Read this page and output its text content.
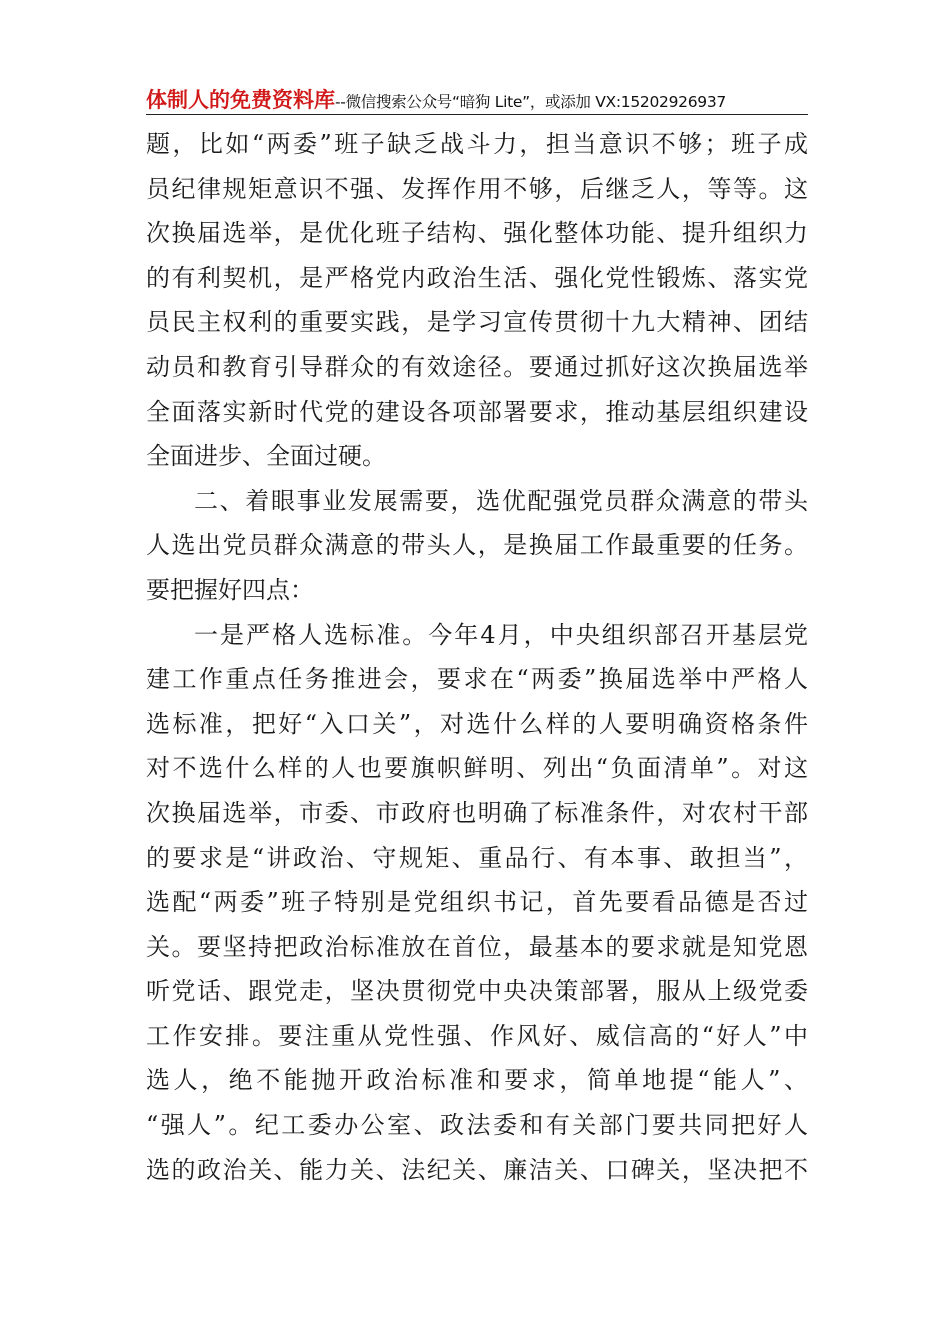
体制人的免费资料库--微信搜索公众号“暗狗 Lite”，或添加 VX:15202926937
题，比如“两委”班子缺乏战斗力，担当意识不够；班子成
员纪律规矩意识不强、发挥作用不够，后继乏人，等等。这
次换届选举，是优化班子结构、强化整体功能、提升组织力
的有利契机，是严格党内政治生活、强化党性锻炼、落实党
员民主权利的重要实践，是学习宣传贯彻十九大精神、团结
动员和教育引导群众的有效途径。要通过抓好这次换届选举
全面落实新时代党的建设各项部署要求，推动基层组织建设
全面进步、全面过硬。
二、着眼事业发展需要，选优配强党员群众满意的带头
人选出党员群众满意的带头人，是换届工作最重要的任务。
要把握好四点：
一是严格人选标准。今年4月，中央组织部召开基层党
建工作重点任务推进会，要求在“两委”换届选举中严格人
选标准，把好“入口关”，对选什么样的人要明确资格条件
对不选什么样的人也要旗帜鲜明、列出“负面清单”。对这
次换届选举，市委、市政府也明确了标准条件，对农村干部
的要求是“讲政治、守规矩、重品行、有本事、敢担当”，
选配“两委”班子特别是党组织书记，首先要看品德是否过
关。要坚持把政治标准放在首位，最基本的要求就是知党恩
听党话、跟党走，坚决贯彻党中央决策部署，服从上级党委
工作安排。要注重从党性强、作风好、威信高的“好人”中
选人，绝不能抛开政治标准和要求，简单地提“能人”、
“强人”。纪工委办公室、政法委和有关部门要共同把好人
选的政治关、能力关、法纪关、廉洁关、口碑关，坚决把不
